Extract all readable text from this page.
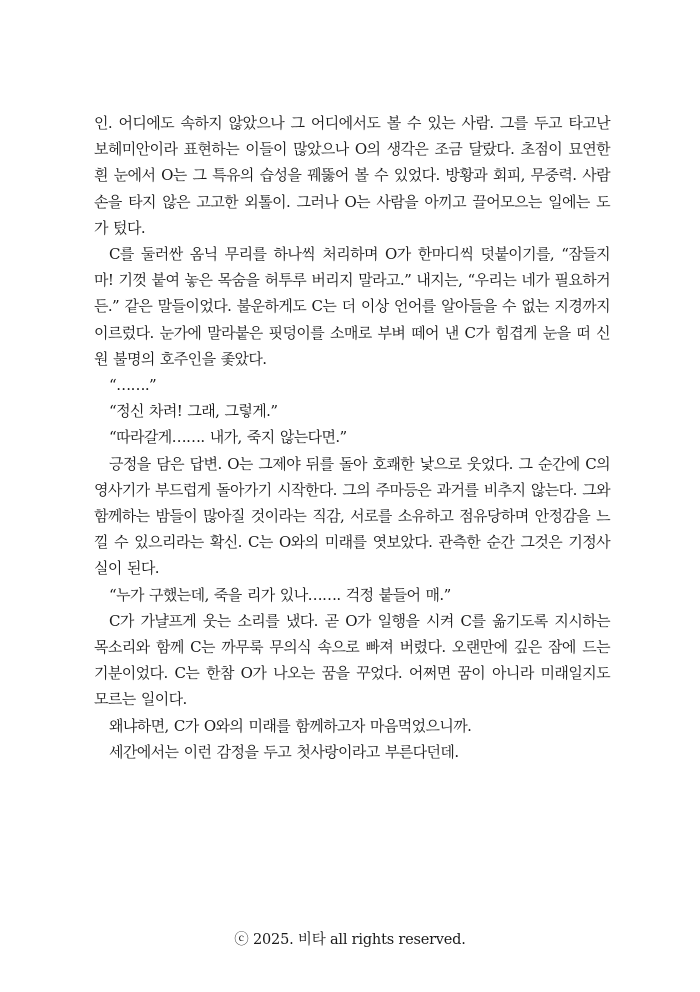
인. 어디에도 속하지 않았으나 그 어디에서도 볼 수 있는 사람. 그를 두고 타고난 보헤미안이라 표현하는 이들이 많았으나 O의 생각은 조금 달랐다. 초점이 묘연한 흰 눈에서 O는 그 특유의 습성을 꿰뚫어 볼 수 있었다. 방황과 회피, 무중력. 사람 손을 타지 않은 고고한 외톨이. 그러나 O는 사람을 아끼고 끌어모으는 일에는 도가 텄다.

C를 둘러싼 옴닉 무리를 하나씩 처리하며 O가 한마디씩 덧붙이기를, “잠들지 마! 기껏 붙여 놓은 목숨을 허투루 버리지 말라고.” 내지는, “우리는 네가 필요하거든.” 같은 말들이었다. 불운하게도 C는 더 이상 언어를 알아들을 수 없는 지경까지 이르렀다. 눈가에 말라붙은 핏덩이를 소매로 부벼 떼어 낸 C가 힘겹게 눈을 떠 신원 불명의 호주인을 좇았다.

“…….”

“정신 차려! 그래, 그렇게.”

“따라갈게……. 내가, 죽지 않는다면.”

긍정을 담은 답변. O는 그제야 뒤를 돌아 호쾌한 낯으로 웃었다. 그 순간에 C의 영사기가 부드럽게 돌아가기 시작한다. 그의 주마등은 과거를 비추지 않는다. 그와 함께하는 밤들이 많아질 것이라는 직감, 서로를 소유하고 점유당하며 안정감을 느낄 수 있으리라는 확신. C는 O와의 미래를 엿보았다. 관측한 순간 그것은 기정사실이 된다.

“누가 구했는데, 죽을 리가 있나……. 걱정 붙들어 매.”

C가 가냘프게 웃는 소리를 냈다. 곧 O가 일행을 시켜 C를 옮기도록 지시하는 목소리와 함께 C는 까무룩 무의식 속으로 빠져 버렸다. 오랜만에 깊은 잠에 드는 기분이었다. C는 한참 O가 나오는 꿈을 꾸었다. 어쩌면 꿈이 아니라 미래일지도 모르는 일이다.

왜냐하면, C가 O와의 미래를 함께하고자 마음먹었으니까.

세간에서는 이런 감정을 두고 첫사랑이라고 부른다던데.

ⓒ 2025. 비타 all rights reserved.
